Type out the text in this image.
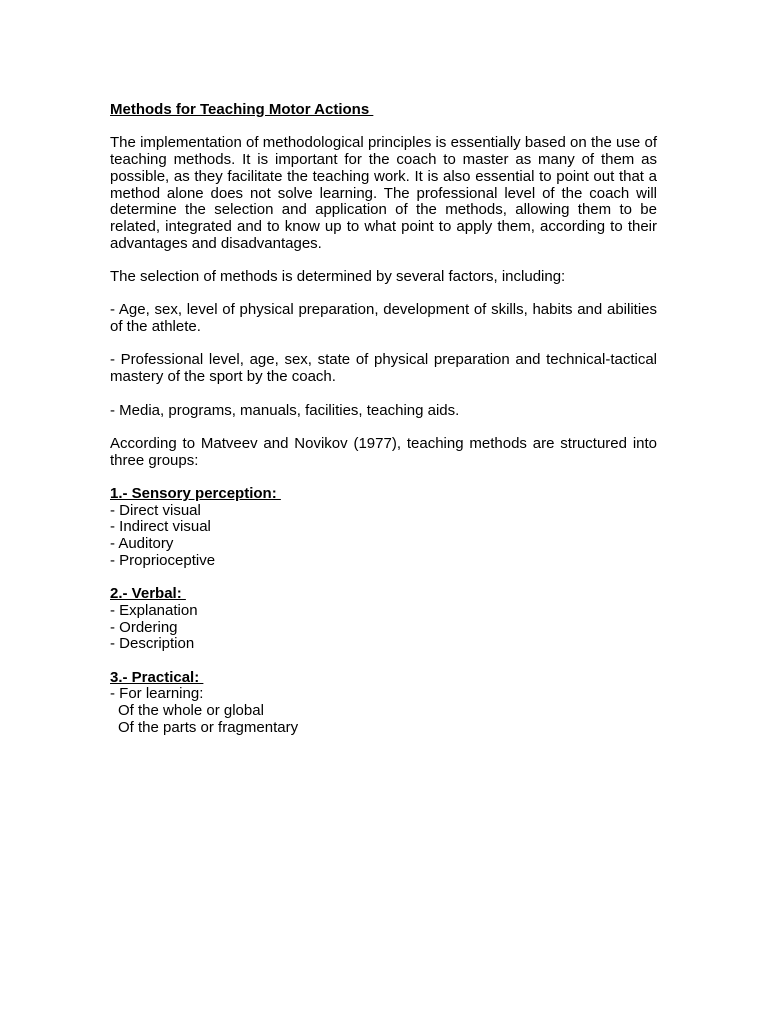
Methods for Teaching Motor Actions

The implementation of methodological principles is essentially based on the use of teaching methods. It is important for the coach to master as many of them as possible, as they facilitate the teaching work. It is also essential to point out that a method alone does not solve learning. The professional level of the coach will determine the selection and application of the methods, allowing them to be related, integrated and to know up to what point to apply them, according to their advantages and disadvantages.

The selection of methods is determined by several factors, including:

- Age, sex, level of physical preparation, development of skills, habits and abilities of the athlete.

- Professional level, age, sex, state of physical preparation and technical-tactical mastery of the sport by the coach.

- Media, programs, manuals, facilities, teaching aids.

According to Matveev and Novikov (1977), teaching methods are structured into three groups:

1.- Sensory perception:

- Direct visual

- Indirect visual

- Auditory

- Proprioceptive

2.- Verbal:

- Explanation

- Ordering

- Description

3.- Practical:

- For learning:

Of the whole or global

Of the parts or fragmentary
